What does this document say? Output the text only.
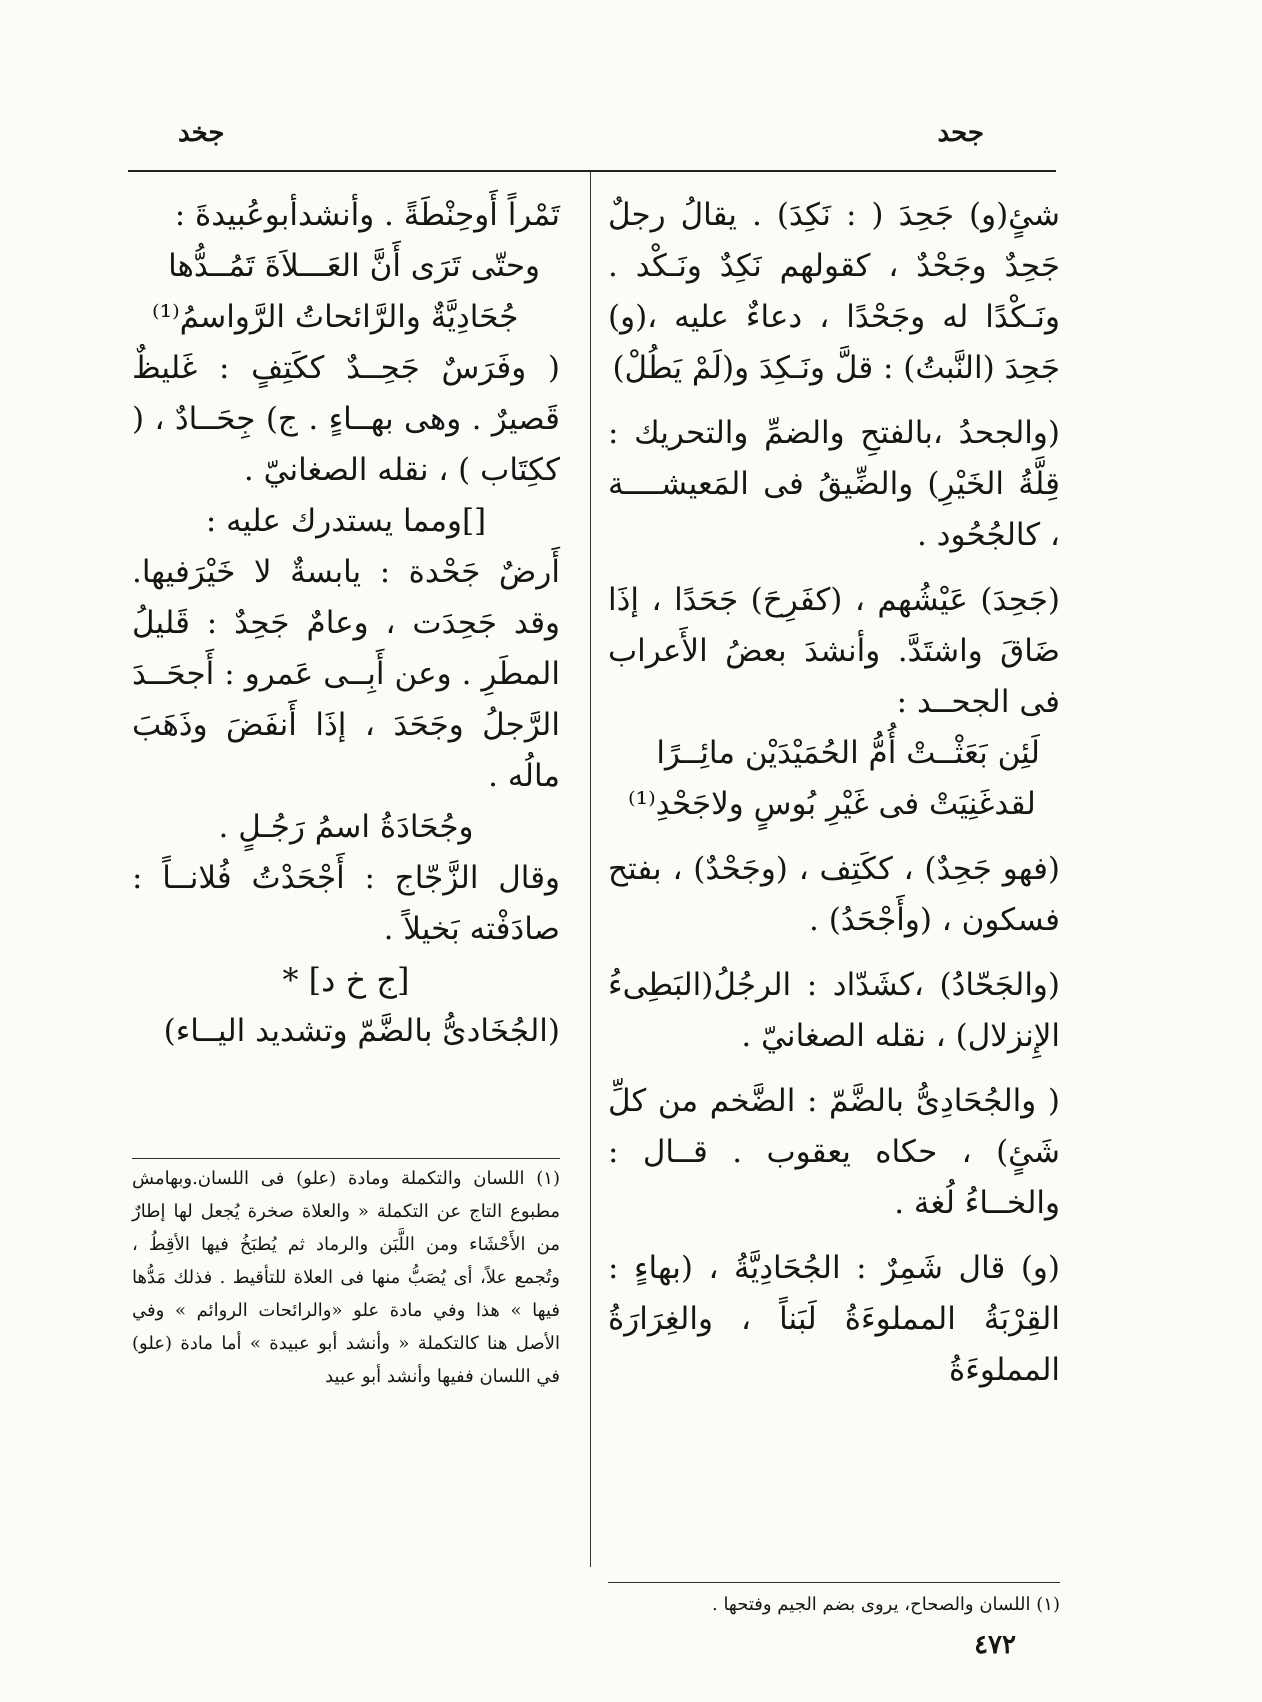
جحد
جخد

شئٍ(و) جَحِدَ ( : نَكِدَ) . يقالُ رجلٌ جَحِدٌ وجَحْدٌ ، كقولهم نَكِدٌ ونَـكْد . ونَـكْدًا له وجَحْدًا ، دعاءٌ عليه ،(و) جَحِدَ (النَّبتُ) : قلَّ ونَـكِدَ و(لَمْ يَطُلْ)

(والجحدُ ،بالفتحِ والضمِّ والتحريك : قِلَّةُ الخَيْرِ) والضِّيقُ فى المَعيشــــة ، كالجُحُود .

(جَحِدَ) عَيْشُهم ، (كفَرِحَ) جَحَدًا ، إذَا ضَاقَ واشتَدَّ. وأنشدَ بعضُ الأَعراب فى الجحــد :

لَئِن بَعَثْــتْ أُمُّ الحُمَيْدَيْن مائِــرًا

لقدغَنِيَتْ فى غَيْرِ بُوسٍ ولاجَحْدِ⁽¹⁾

(فهو جَحِدٌ) ، ككَتِف ، (وجَحْدٌ) ، بفتح فسكون ، (وأَجْحَدُ) .

(والجَحّادُ) ،كشَدّاد : الرجُلُ(البَطِىءُ الإِنزلال) ، نقله الصغانيّ .

( والجُحَادِىُّ بالضَّمّ : الضَّخم من كلِّ شَئٍ) ، حكاه يعقوب . قــال : والخــاءُ لُغة .

(و) قال شَمِرٌ : الجُحَادِيَّةُ ، (بهاءٍ : القِرْبَةُ المملوءَةُ لَبَناً ، والغِرَارَةُ المملوءَةُ

تَمْراً أَوحِنْطَةً . وأنشدأبوعُبيدةَ :

وحتّى تَرَى أَنَّ العَـــلاَةَ تَمُــدُّها

جُحَادِيَّةٌ والرَّائحاتُ الرَّواسمُ⁽¹⁾

( وفَرَسٌ جَحِــدٌ ككَتِفٍ : غَليظٌ قَصيرٌ . وهى بهــاءٍ . ج) جِحَــادٌ ، ( ككِتَاب ) ، نقله الصغانيّ .

[]ومما يستدرك عليه :

أَرضٌ جَحْدة : يابسةٌ لا خَيْرَفيها. وقد جَحِدَت ، وعامٌ جَحِدٌ : قَليلُ المطَرِ . وعن أَبِــى عَمرو : أَجحَــدَ الرَّجلُ وجَحَدَ ، إذَا أَنفَضَ وذَهَبَ مالُه .

وجُحَادَةُ اسمُ رَجُـلٍ .

وقال الزَّجّاج : أَجْحَدْتُ فُلانــاً : صادَفْته بَخيلاً .

[ج خ د] *

(الجُخَادىُّ بالضَّمّ وتشديد اليــاء)

(١) اللسان والتكملة ومادة (علو) فى اللسان.وبهامش مطبوع التاج عن التكملة « والعلاة صخرة يُجعل لها إطارٌ من الأَحْشَاء ومن اللَّبَن والرماد ثم يُطبَخُ فيها الأقِطُ ، وتُجمع علاً، أى يُصَبُّ منها فى العلاة للتأقيط . فذلك مَدُّها فيها » هذا وفي مادة علو «والرائحات الروائم » وفي الأصل هنا كالتكملة « وأنشد أبو عبيدة » أما مادة (علو) في اللسان ففيها وأنشد أبو عبيد
(١) اللسان والصحاح، يروى بضم الجيم وفتحها .
٤٧٢
